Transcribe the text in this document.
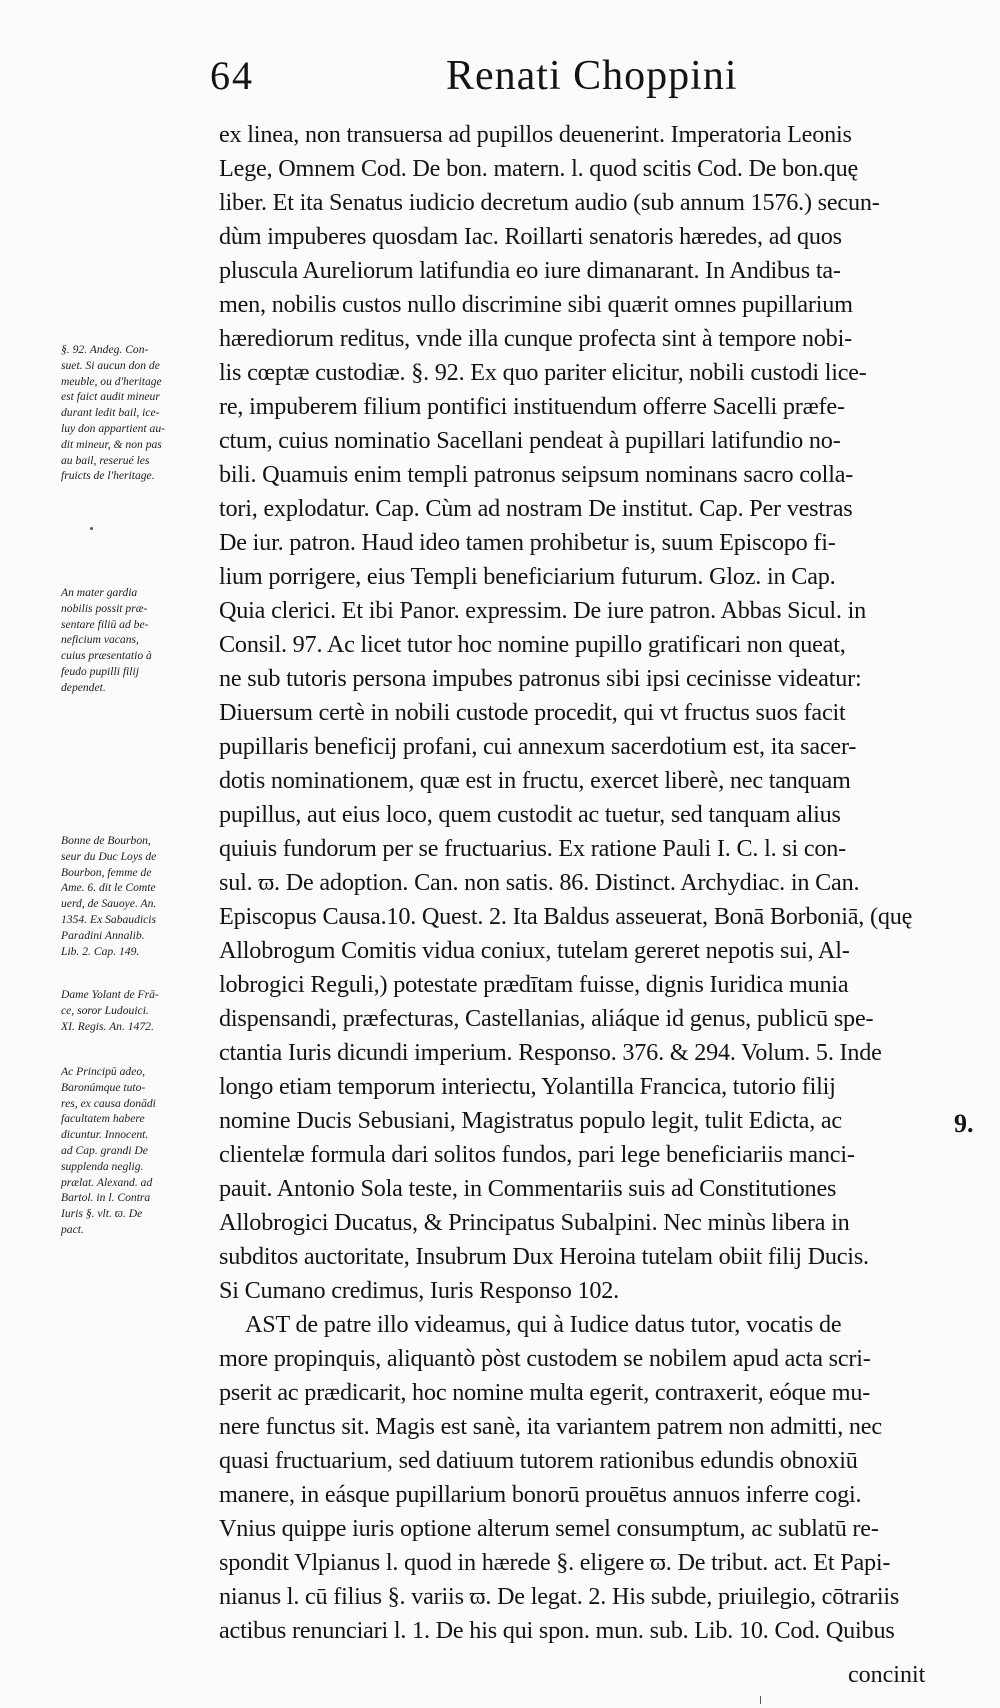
64	Renati Choppini
ex linea, non transuersa ad pupillos deuenerint. Imperatoria Leonis
Lege, Omnem Cod. De bon. matern. l. quod scitis Cod. De bon.quę
liber. Et ita Senatus iudicio decretum audio (sub annum 1576.) secun-
dùm impuberes quosdam Iac. Roillarti senatoris hæredes, ad quos
pluscula Aureliorum latifundia eo iure dimanarant. In Andibus ta-
men, nobilis custos nullo discrimine sibi quærit omnes pupillarium
hærediorum reditus, vnde illa cunque profecta sint à tempore nobi-
lis cœptæ custodiæ. §. 92. Ex quo pariter elicitur, nobili custodi lice-
re, impuberem filium pontifici instituendum offerre Sacelli præfe-
ctum, cuius nominatio Sacellani pendeat à pupillari latifundio no-
bili. Quamuis enim templi patronus seipsum nominans sacro colla-
tori, explodatur. Cap. Cùm ad nostram De institut. Cap. Per vestras
De iur. patron. Haud ideo tamen prohibetur is, suum Episcopo fi-
lium porrigere, eius Templi beneficiarium futurum. Gloz. in Cap.
Quia clerici. Et ibi Panor. expressim. De iure patron. Abbas Sicul. in
Consil. 97. Ac licet tutor hoc nomine pupillo gratificari non queat,
ne sub tutoris persona impubes patronus sibi ipsi cecinisse videatur:
Diuersum certè in nobili custode procedit, qui vt fructus suos facit
pupillaris beneficij profani, cui annexum sacerdotium est, ita sacer-
dotis nominationem, quæ est in fructu, exercet liberè, nec tanquam
pupillus, aut eius loco, quem custodit ac tuetur, sed tanquam alius
quiuis fundorum per se fructuarius. Ex ratione Pauli I. C. l. si con-
sul. ϖ. De adoption. Can. non satis. 86. Distinct. Archydiac. in Can.
Episcopus Causa.10. Quest. 2. Ita Baldus asseuerat, Bonā Borboniā, (quę
Allobrogum Comitis vidua coniux, tutelam gereret nepotis sui, Al-
lobrogici Reguli,) potestate prædītam fuisse, dignis Iuridica munia
dispensandi, præfecturas, Castellanias, aliáque id genus, publicū spe-
ctantia Iuris dicundi imperium. Responso. 376. & 294. Volum. 5. Inde
longo etiam temporum interiectu, Yolantilla Francica, tutorio filij
nomine Ducis Sebusiani, Magistratus populo legit, tulit Edicta, ac
clientelæ formula dari solitos fundos, pari lege beneficiariis manci-
pauit. Antonio Sola teste, in Commentariis suis ad Constitutiones
Allobrogici Ducatus, & Principatus Subalpini. Nec minùs libera in
subditos auctoritate, Insubrum Dux Heroina tutelam obiit filij Ducis.
Si Cumano credimus, Iuris Responso 102.
AST de patre illo videamus, qui à Iudice datus tutor, vocatis de
more propinquis, aliquantò pòst custodem se nobilem apud acta scri-
pserit ac prædicarit, hoc nomine multa egerit, contraxerit, eóque mu-
nere functus sit. Magis est sanè, ita variantem patrem non admitti, nec
quasi fructuarium, sed datiuum tutorem rationibus edundis obnoxiū
manere, in eásque pupillarium bonorū prouētus annuos inferre cogi.
Vnius quippe iuris optione alterum semel consumptum, ac sublatū re-
spondit Vlpianus l. quod in hærede §. eligere ϖ. De tribut. act. Et Papi-
nianus l. cū filius §. variis ϖ. De legat. 2. His subde, priuilegio, cōtrariis
actibus renunciari l. 1. De his qui spon. mun. sub. Lib. 10. Cod. Quibus
concinit
9.
§. 92. Andeg. Con-
suet. Si aucun don de
meuble, ou d'heritage
est faict audit mineur
durant ledit bail, ice-
luy don appartient au-
dit mineur, & non pas
au bail, reserué les
fruicts de l'heritage.
An mater gardia
nobilis possit præ-
sentare filiū ad be-
neficium vacans,
cuius præsentatio à
feudo pupilli filij
dependet.
Bonne de Bourbon,
seur du Duc Loys de
Bourbon, femme de
Ame. 6. dit le Comte
uerd, de Sauoye. An.
1354. Ex Sabaudicis
Paradini Annalib.
Lib. 2. Cap. 149.
Dame Yolant de Frā-
ce, soror Ludouici.
XI. Regis. An. 1472.
Ac Principū adeo,
Baronúmque tuto-
res, ex causa donādi
facultatem habere
dicuntur. Innocent.
ad Cap. grandi De
supplenda neglig.
prælat. Alexand. ad
Bartol. in l. Contra
Iuris §. vlt. ϖ. De
pact.
